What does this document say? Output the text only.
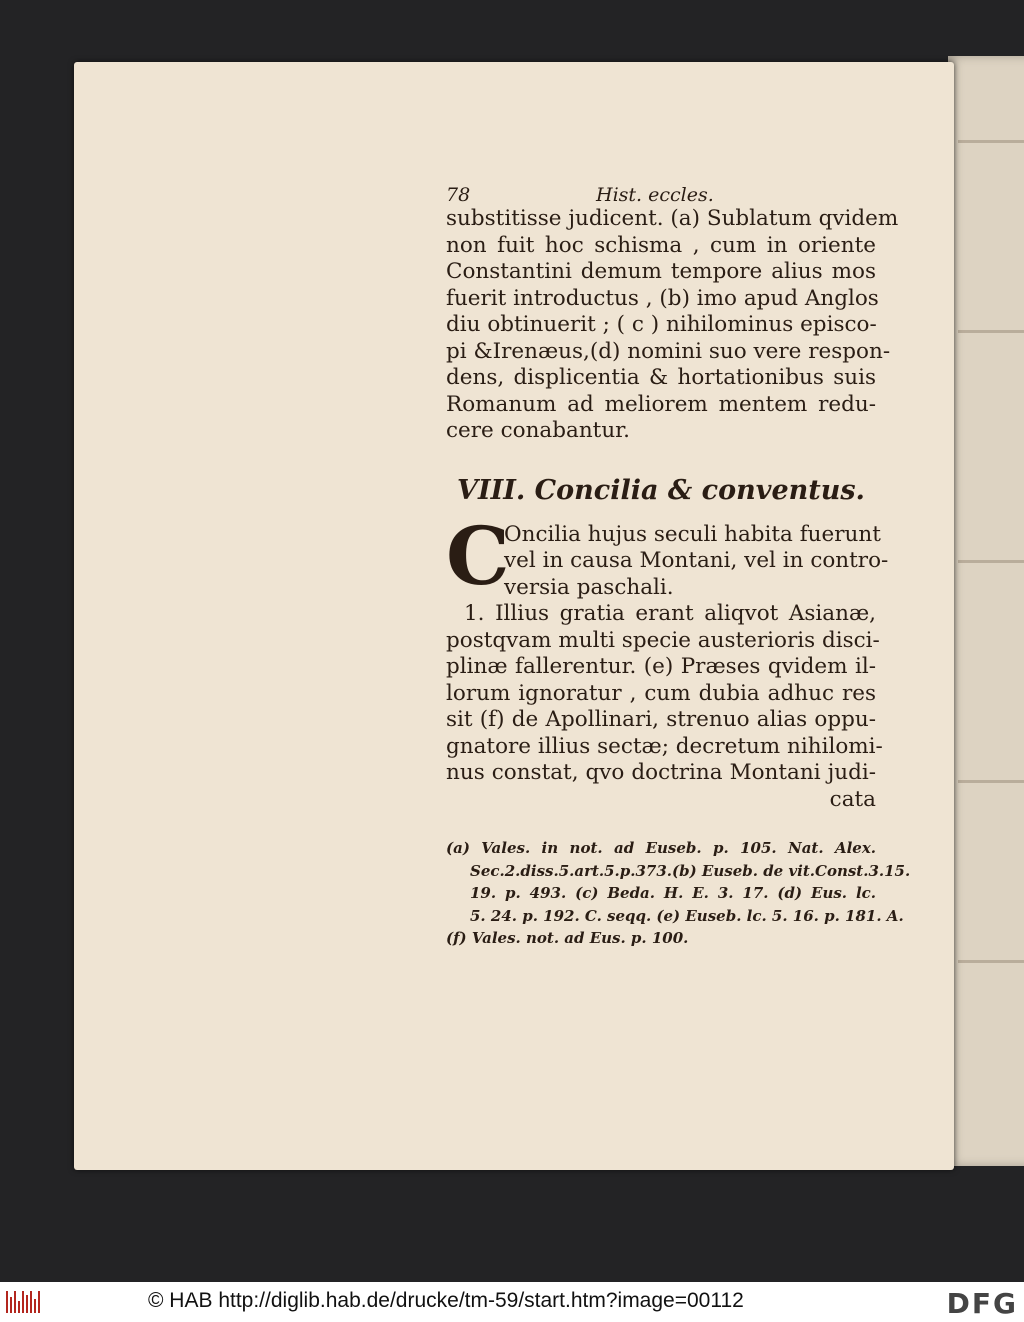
78	Hist. eccles.
substitisse judicent. (a) Sublatum qvidem
non fuit hoc schisma , cum in oriente
Constantini demum tempore alius mos
fuerit introductus , (b) imo apud Anglos
diu obtinuerit ; ( c ) nihilominus episco-
pi &Irenæus,(d) nomini suo vere respon-
dens, displicentia & hortationibus suis
Romanum ad meliorem mentem redu-
cere conabantur.
VIII. Concilia & conventus.
C
Oncilia hujus seculi habita fuerunt
vel in causa Montani, vel in contro-
versia paschali.
1. Illius gratia erant aliqvot Asianæ,
postqvam multi specie austerioris disci-
plinæ fallerentur. (e) Præses qvidem il-
lorum ignoratur , cum dubia adhuc res
sit (f) de Apollinari, strenuo alias oppu-
gnatore illius sectæ; decretum nihilomi-
nus constat, qvo doctrina Montani judi-
cata
(a) Vales. in not. ad Euseb. p. 105. Nat. Alex.
Sec.2.diss.5.art.5.p.373.(b) Euseb. de vit.Const.3.15.
19. p. 493. (c) Beda. H. E. 3. 17. (d) Eus. lc.
5. 24. p. 192. C. seqq. (e) Euseb. lc. 5. 16. p. 181. A.
(f) Vales. not. ad Eus. p. 100.
© HAB http://diglib.hab.de/drucke/tm-59/start.htm?image=00112	DFG
